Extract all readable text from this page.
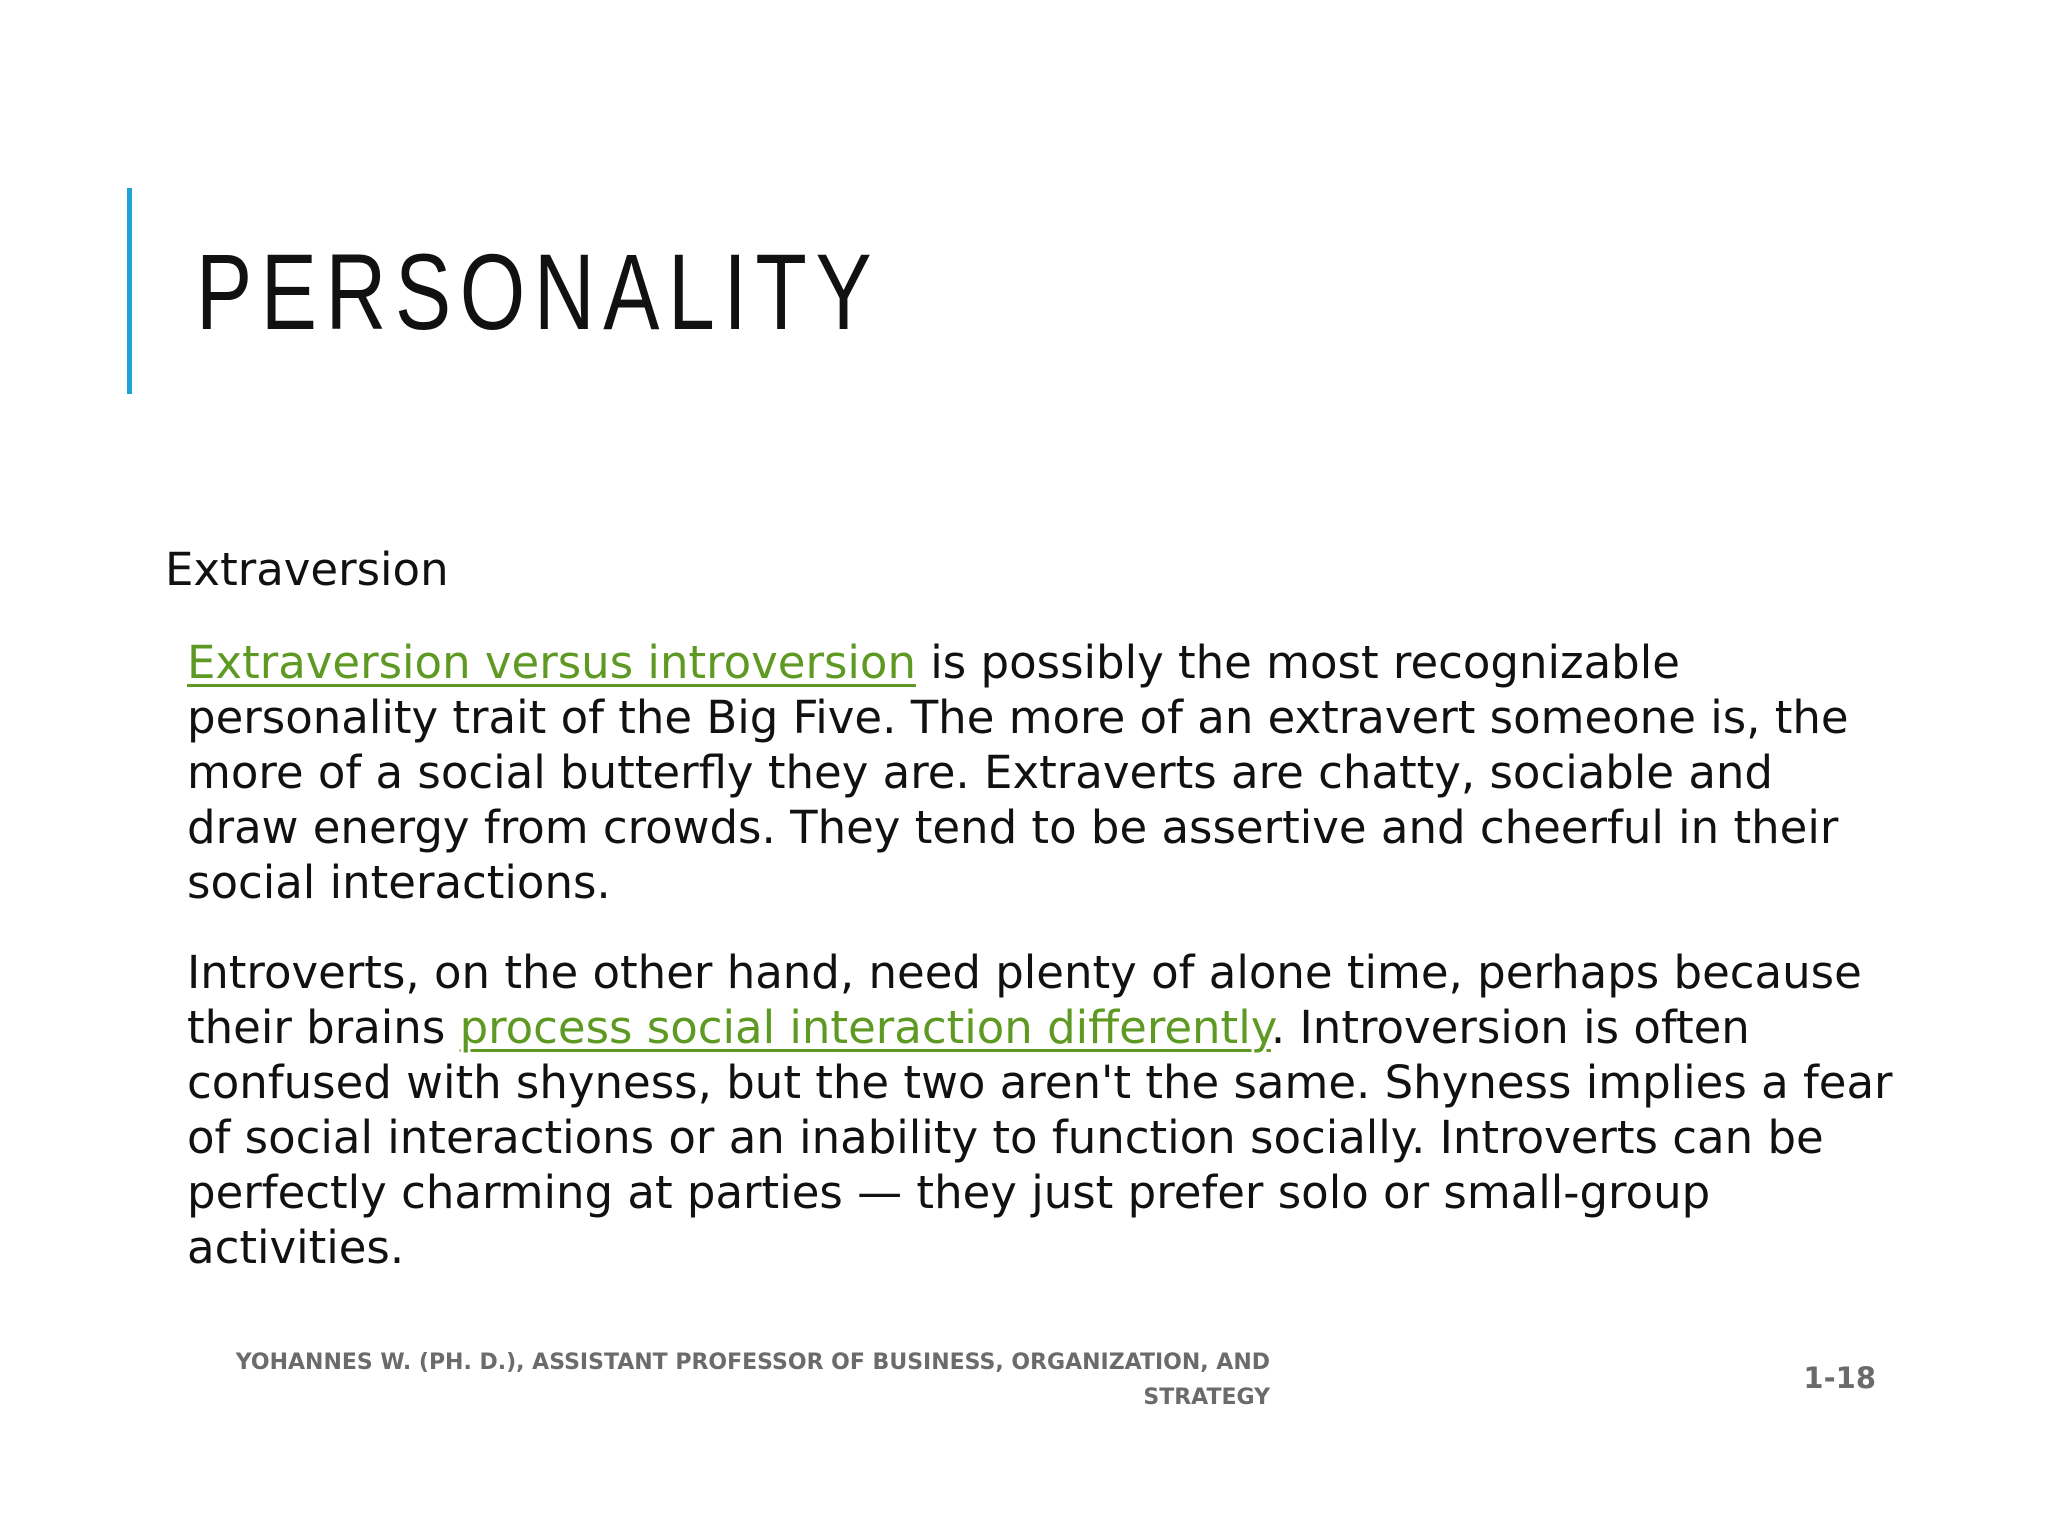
PERSONALITY
Extraversion
Extraversion versus introversion is possibly the most recognizable
personality trait of the Big Five. The more of an extravert someone is, the
more of a social butterfly they are. Extraverts are chatty, sociable and
draw energy from crowds. They tend to be assertive and cheerful in their
social interactions.
Introverts, on the other hand, need plenty of alone time, perhaps because
their brains process social interaction differently. Introversion is often
confused with shyness, but the two aren't the same. Shyness implies a fear
of social interactions or an inability to function socially. Introverts can be
perfectly charming at parties — they just prefer solo or small-group
activities.
YOHANNES W. (PH. D.), ASSISTANT PROFESSOR OF BUSINESS, ORGANIZATION, AND
STRATEGY
1-18
